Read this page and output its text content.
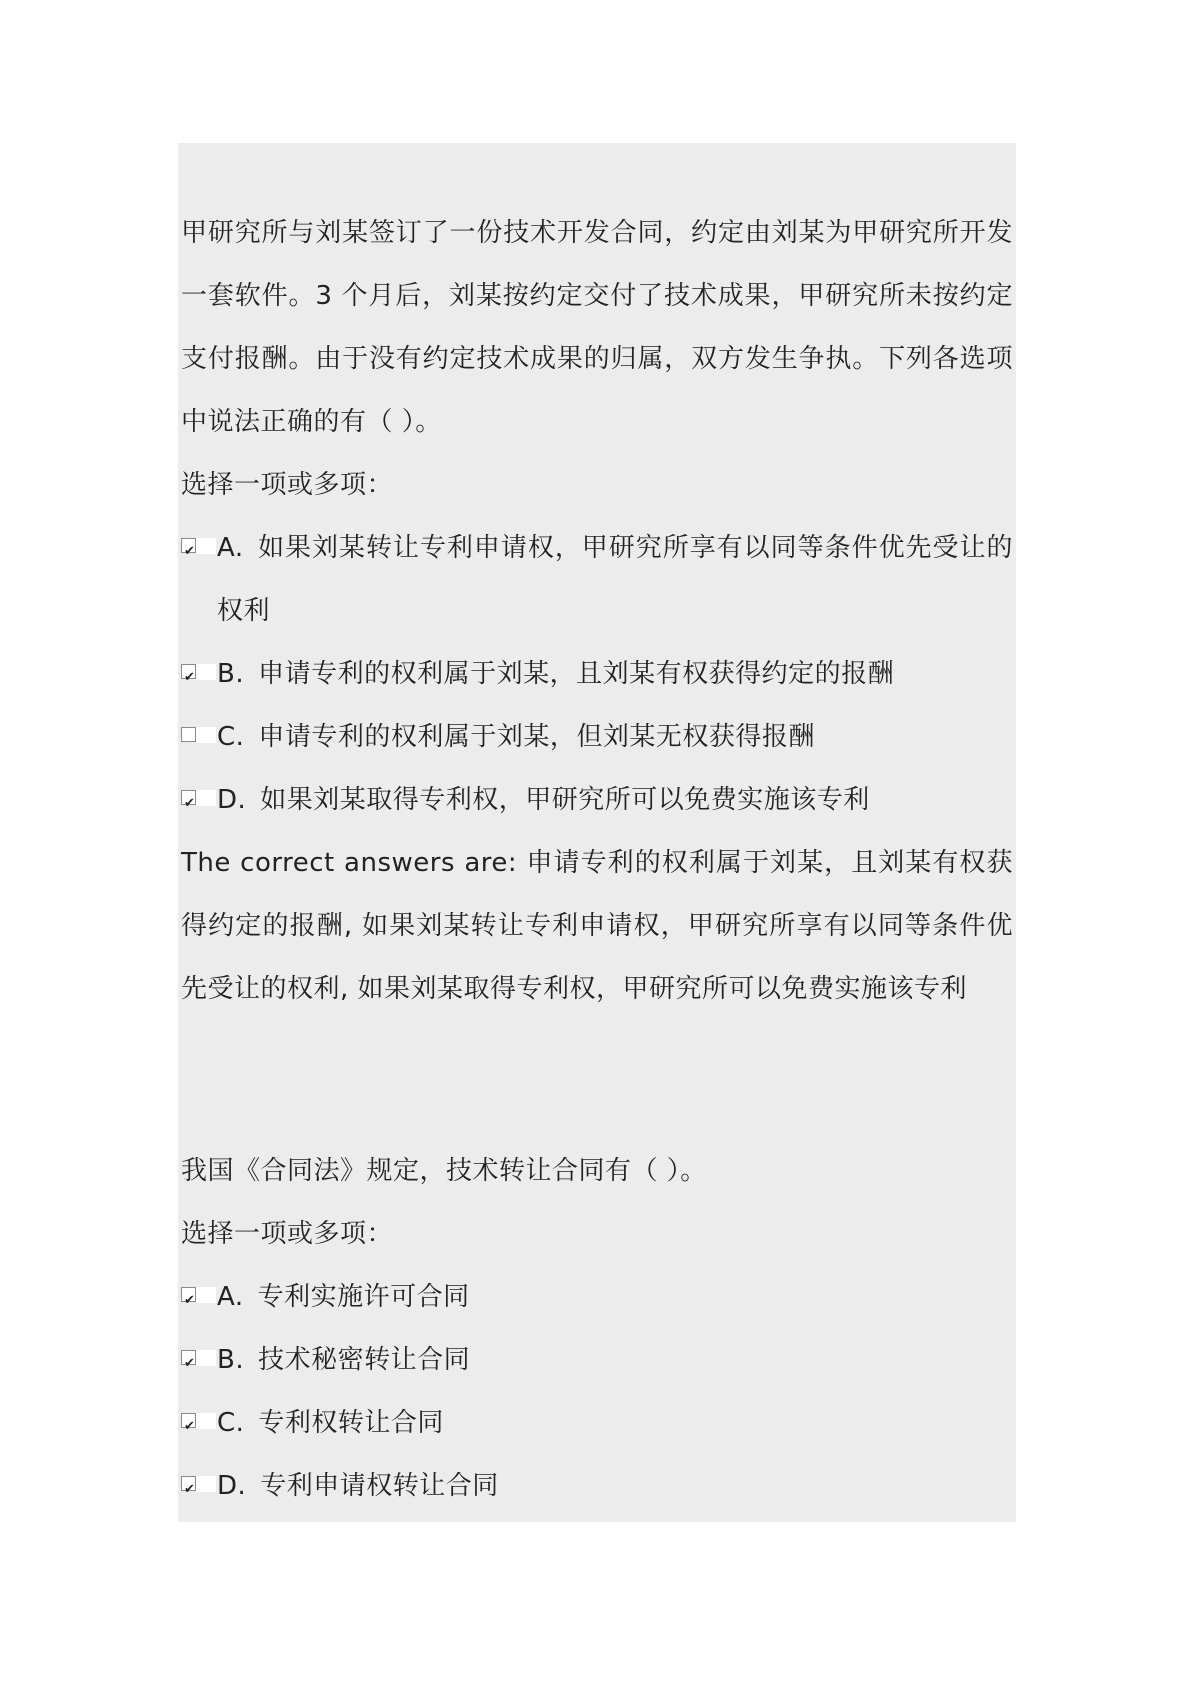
甲研究所与刘某签订了一份技术开发合同，约定由刘某为甲研究所开发一套软件。3 个月后，刘某按约定交付了技术成果，甲研究所未按约定支付报酬。由于没有约定技术成果的归属，双方发生争执。下列各选项中说法正确的有（ ）。

选择一项或多项：

✔ A. 如果刘某转让专利申请权，甲研究所享有以同等条件优先受让的权利
✔ B. 申请专利的权利属于刘某，且刘某有权获得约定的报酬
C. 申请专利的权利属于刘某，但刘某无权获得报酬
✔ D. 如果刘某取得专利权，甲研究所可以免费实施该专利

The correct answers are: 申请专利的权利属于刘某，且刘某有权获得约定的报酬, 如果刘某转让专利申请权，甲研究所享有以同等条件优先受让的权利, 如果刘某取得专利权，甲研究所可以免费实施该专利

我国《合同法》规定，技术转让合同有（ ）。

选择一项或多项：

✔ A. 专利实施许可合同
✔ B. 技术秘密转让合同
✔ C. 专利权转让合同
✔ D. 专利申请权转让合同
